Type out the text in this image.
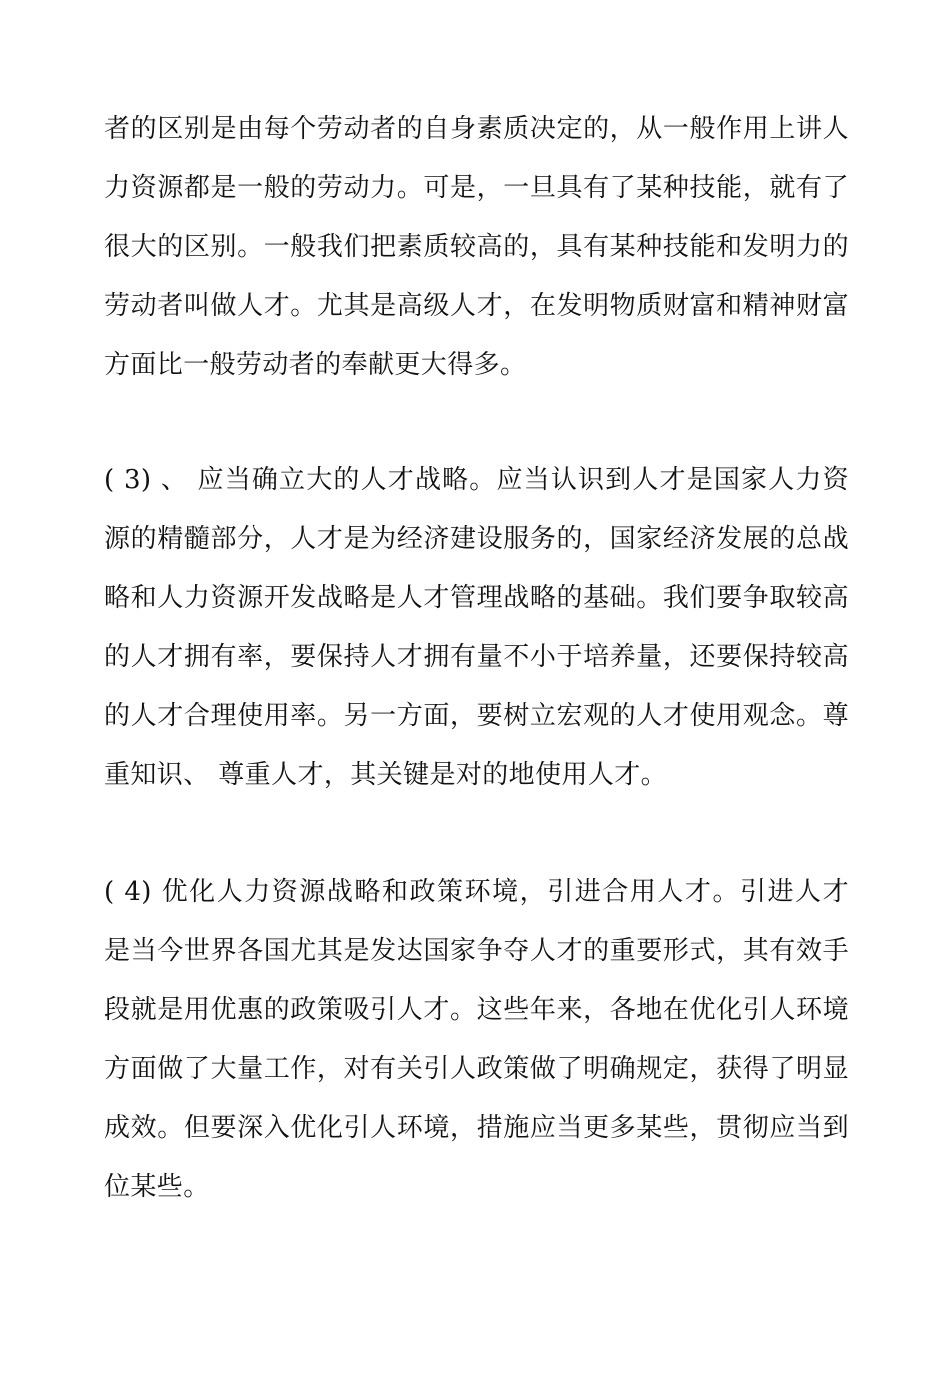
者的区别是由每个劳动者的自身素质决定的，从一般作用上讲人
力资源都是一般的劳动力。可是，一旦具有了某种技能，就有了
很大的区别。一般我们把素质较高的，具有某种技能和发明力的
劳动者叫做人才。尤其是高级人才，在发明物质财富和精神财富
方面比一般劳动者的奉献更大得多。

( 3) 、 应当确立大的人才战略。应当认识到人才是国家人力资
源的精髓部分，人才是为经济建设服务的，国家经济发展的总战
略和人力资源开发战略是人才管理战略的基础。我们要争取较高
的人才拥有率，要保持人才拥有量不小于培养量，还要保持较高
的人才合理使用率。另一方面，要树立宏观的人才使用观念。尊
重知识、 尊重人才，其关键是对的地使用人才。

( 4) 优化人力资源战略和政策环境，引进合用人才。引进人才
是当今世界各国尤其是发达国家争夺人才的重要形式，其有效手
段就是用优惠的政策吸引人才。这些年来，各地在优化引人环境
方面做了大量工作，对有关引人政策做了明确规定，获得了明显
成效。但要深入优化引人环境，措施应当更多某些，贯彻应当到
位某些。
